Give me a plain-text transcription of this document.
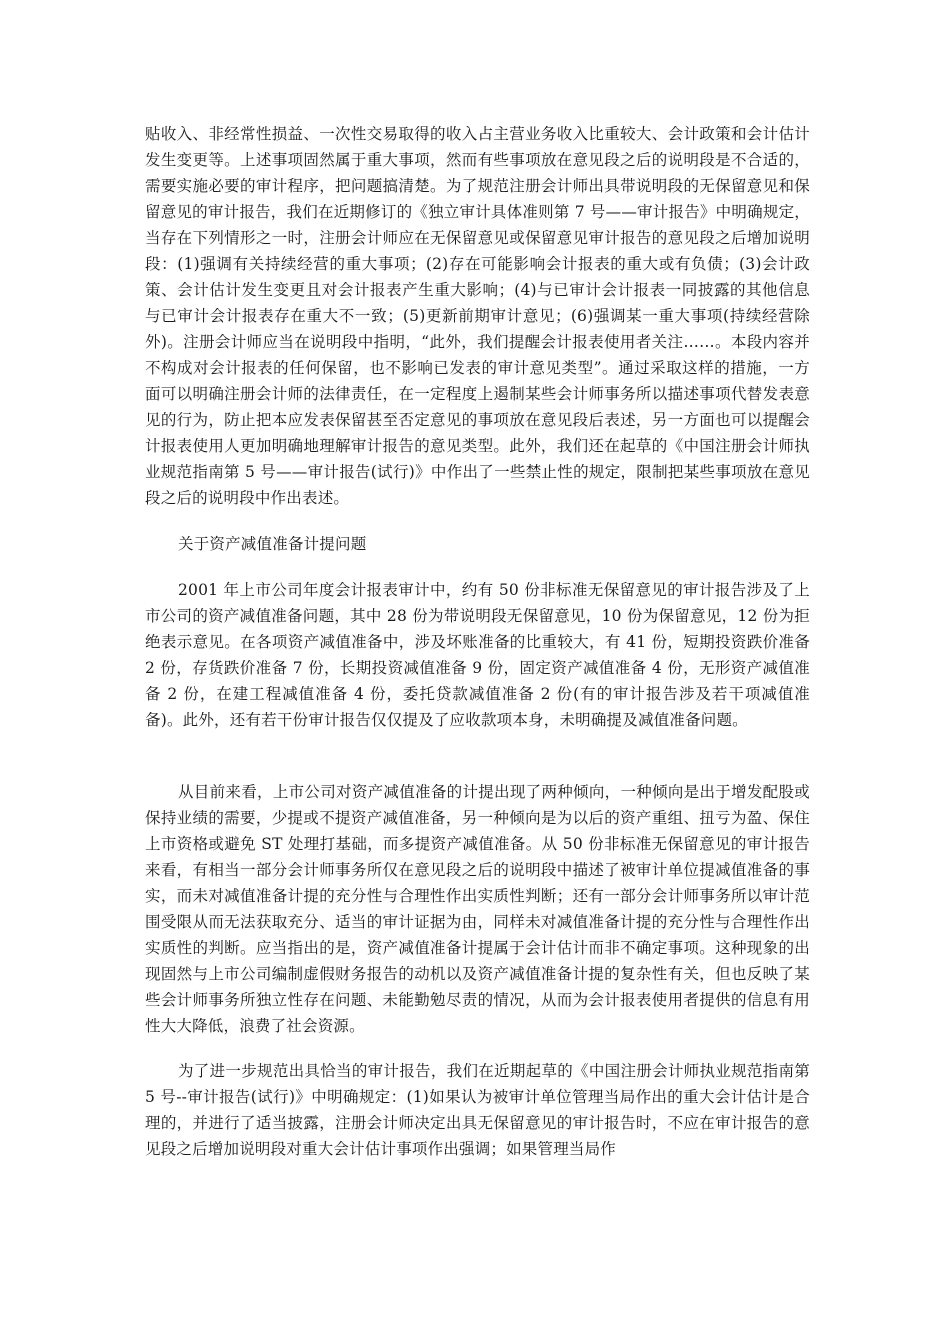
贴收入、非经常性损益、一次性交易取得的收入占主营业务收入比重较大、会计政策和会计估计发生变更等。上述事项固然属于重大事项，然而有些事项放在意见段之后的说明段是不合适的，需要实施必要的审计程序，把问题搞清楚。为了规范注册会计师出具带说明段的无保留意见和保留意见的审计报告，我们在近期修订的《独立审计具体准则第 7 号——审计报告》中明确规定，当存在下列情形之一时，注册会计师应在无保留意见或保留意见审计报告的意见段之后增加说明段：(1)强调有关持续经营的重大事项；(2)存在可能影响会计报表的重大或有负债；(3)会计政策、会计估计发生变更且对会计报表产生重大影响；(4)与已审计会计报表一同披露的其他信息与已审计会计报表存在重大不一致；(5)更新前期审计意见；(6)强调某一重大事项(持续经营除外)。注册会计师应当在说明段中指明，“此外，我们提醒会计报表使用者关注……。本段内容并不构成对会计报表的任何保留，也不影响已发表的审计意见类型”。通过采取这样的措施，一方面可以明确注册会计师的法律责任，在一定程度上遏制某些会计师事务所以描述事项代替发表意见的行为，防止把本应发表保留甚至否定意见的事项放在意见段后表述，另一方面也可以提醒会计报表使用人更加明确地理解审计报告的意见类型。此外，我们还在起草的《中国注册会计师执业规范指南第 5 号——审计报告(试行)》中作出了一些禁止性的规定，限制把某些事项放在意见段之后的说明段中作出表述。

关于资产减值准备计提问题

2001 年上市公司年度会计报表审计中，约有 50 份非标准无保留意见的审计报告涉及了上市公司的资产减值准备问题，其中 28 份为带说明段无保留意见，10 份为保留意见，12 份为拒绝表示意见。在各项资产减值准备中，涉及坏账准备的比重较大，有 41 份，短期投资跌价准备 2 份，存货跌价准备 7 份，长期投资减值准备 9 份，固定资产减值准备 4 份，无形资产减值准备 2 份，在建工程减值准备 4 份，委托贷款减值准备 2 份(有的审计报告涉及若干项减值准备)。此外，还有若干份审计报告仅仅提及了应收款项本身，未明确提及减值准备问题。

从目前来看，上市公司对资产减值准备的计提出现了两种倾向，一种倾向是出于增发配股或保持业绩的需要，少提或不提资产减值准备，另一种倾向是为以后的资产重组、扭亏为盈、保住上市资格或避免 ST 处理打基础，而多提资产减值准备。从 50 份非标准无保留意见的审计报告来看，有相当一部分会计师事务所仅在意见段之后的说明段中描述了被审计单位提减值准备的事实，而未对减值准备计提的充分性与合理性作出实质性判断；还有一部分会计师事务所以审计范围受限从而无法获取充分、适当的审计证据为由，同样未对减值准备计提的充分性与合理性作出实质性的判断。应当指出的是，资产减值准备计提属于会计估计而非不确定事项。这种现象的出现固然与上市公司编制虚假财务报告的动机以及资产减值准备计提的复杂性有关，但也反映了某些会计师事务所独立性存在问题、未能勤勉尽责的情况，从而为会计报表使用者提供的信息有用性大大降低，浪费了社会资源。

为了进一步规范出具恰当的审计报告，我们在近期起草的《中国注册会计师执业规范指南第 5 号--审计报告(试行)》中明确规定：(1)如果认为被审计单位管理当局作出的重大会计估计是合理的，并进行了适当披露，注册会计师决定出具无保留意见的审计报告时，不应在审计报告的意见段之后增加说明段对重大会计估计事项作出强调；如果管理当局作
